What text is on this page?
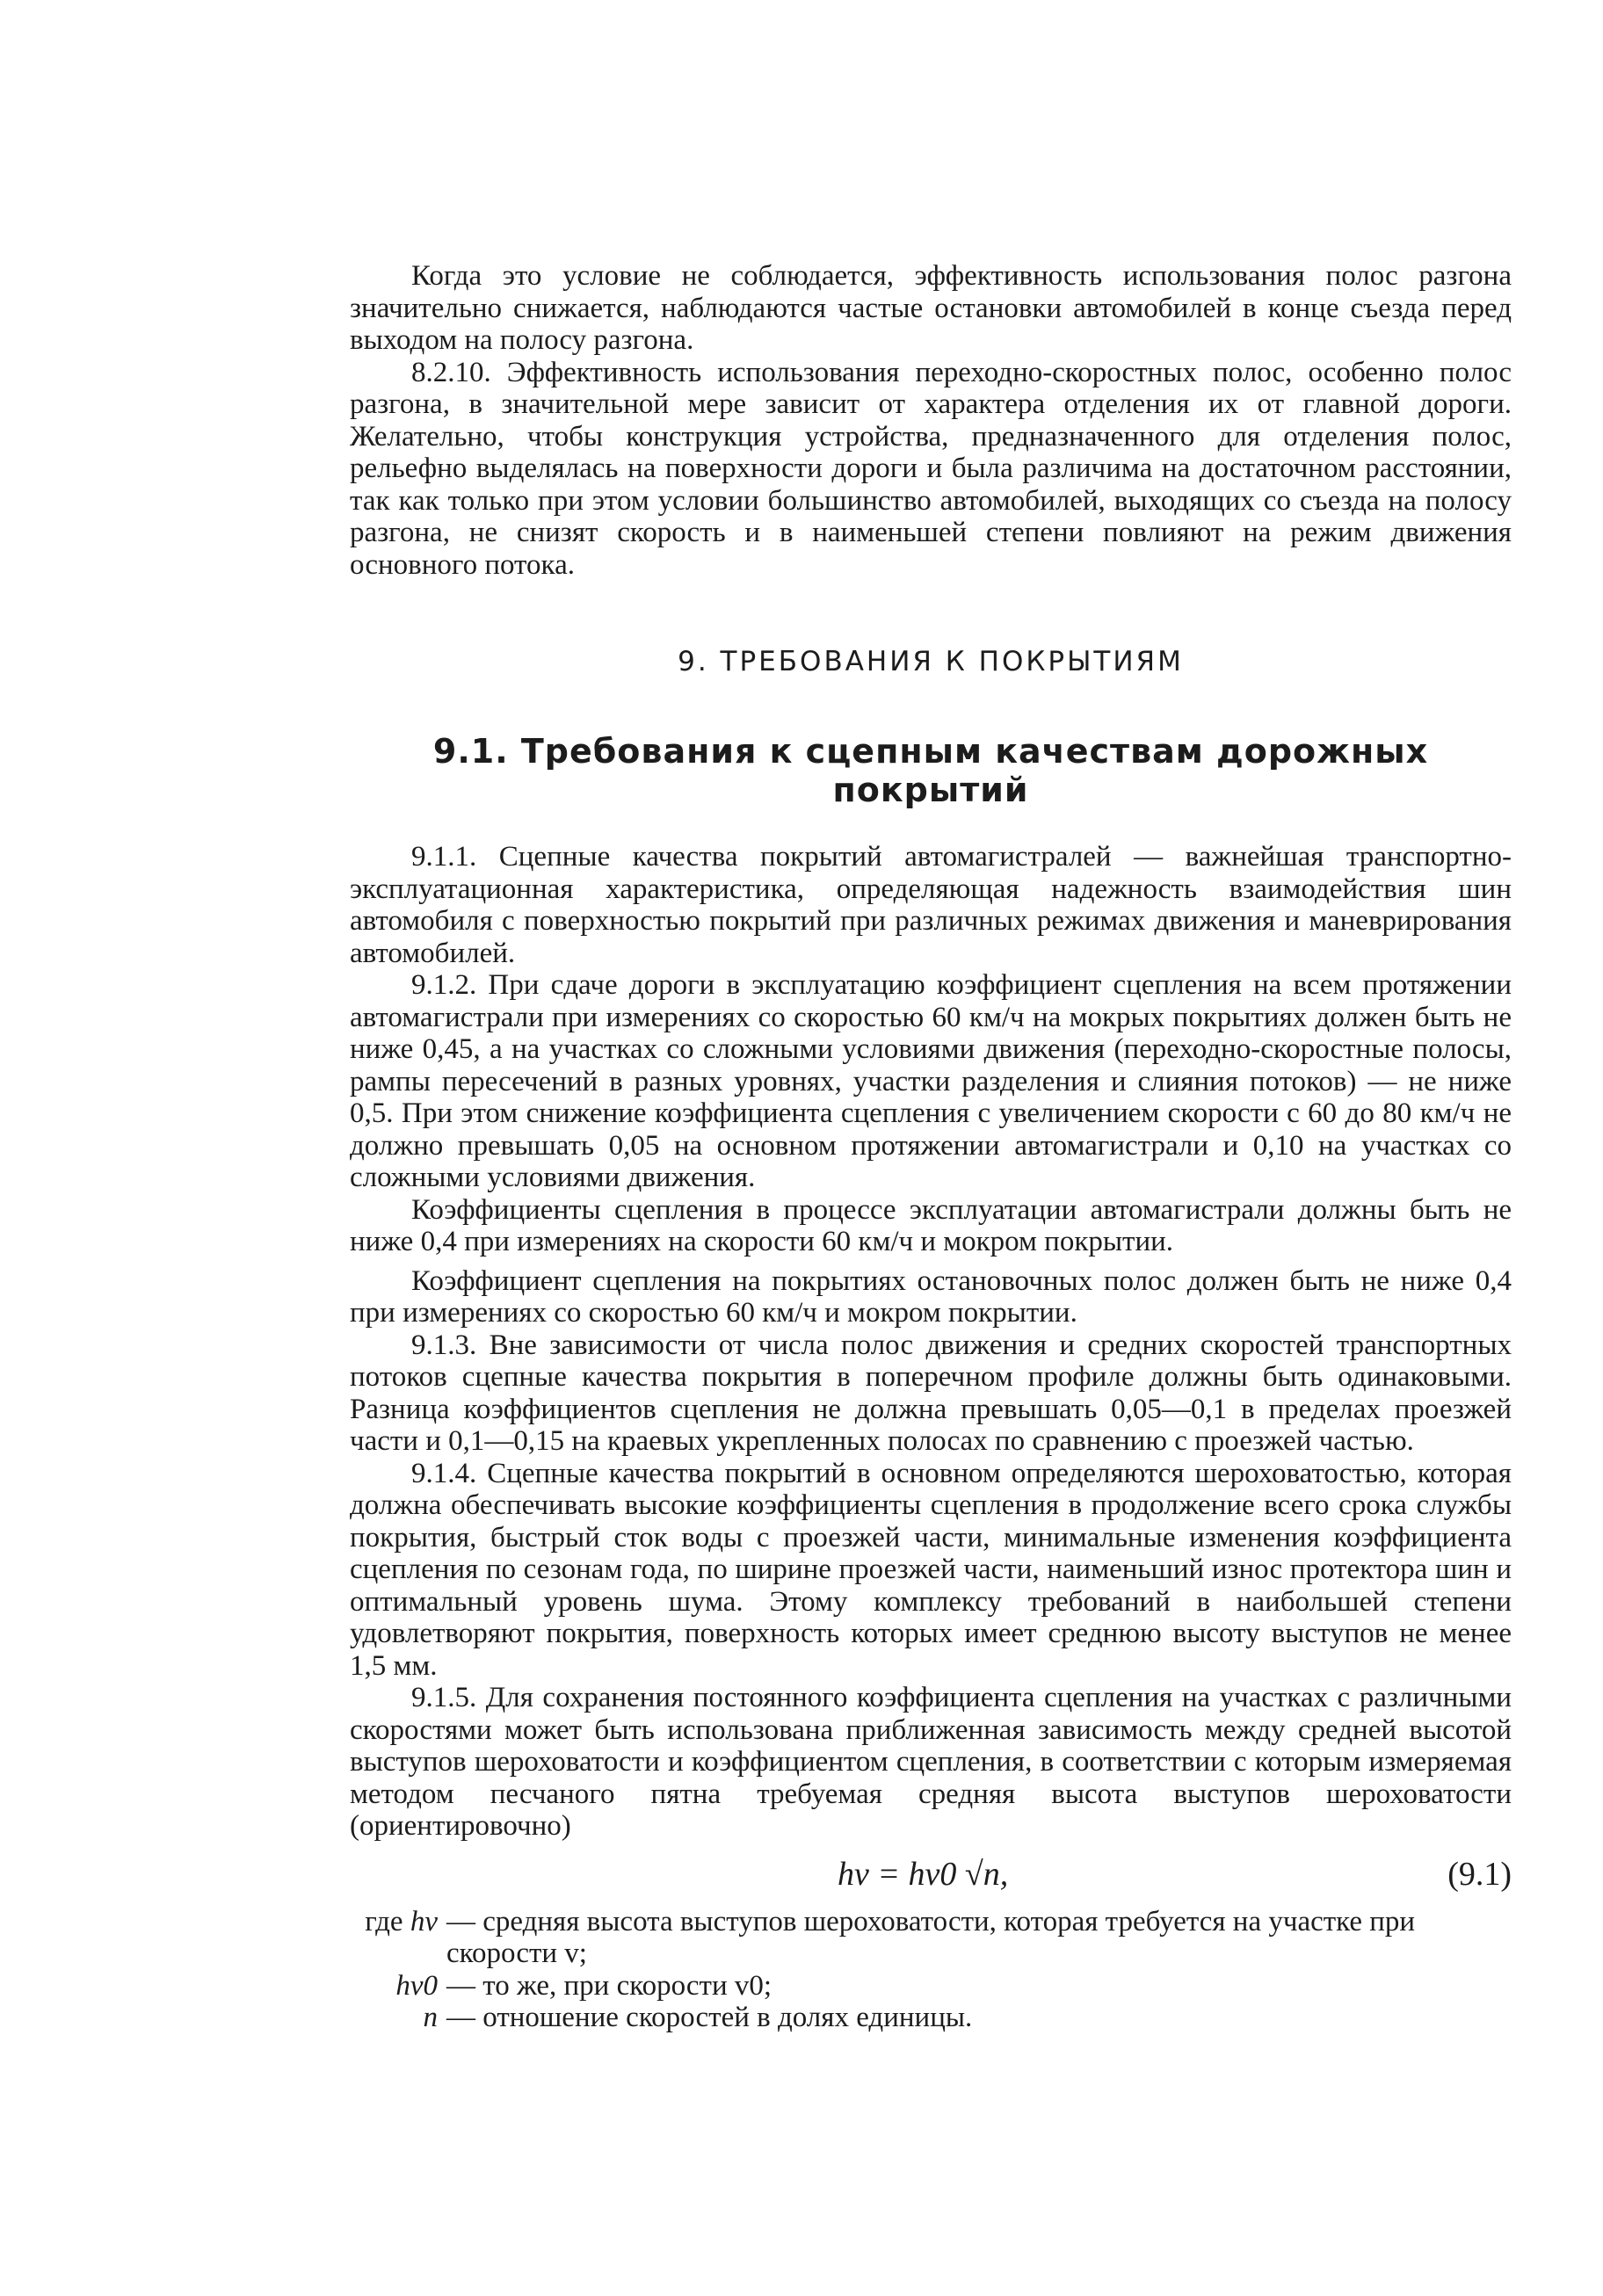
Когда это условие не соблюдается, эффективность использования полос разгона значительно снижается, наблюдаются частые остановки автомобилей в конце съезда перед выходом на полосу разгона.

8.2.10. Эффективность использования переходно-скоростных полос, особенно полос разгона, в значительной мере зависит от характера отделения их от главной дороги. Желательно, чтобы конструкция устройства, предназначенного для отделения полос, рельефно выделялась на поверхности дороги и была различима на достаточном расстоянии, так как только при этом условии большинство автомобилей, выходящих со съезда на полосу разгона, не снизят скорость и в наименьшей степени повлияют на режим движения основного потока.

9. ТРЕБОВАНИЯ К ПОКРЫТИЯМ
9.1. Требования к сцепным качествам дорожных покрытий

9.1.1. Сцепные качества покрытий автомагистралей — важнейшая транспортно-эксплуатационная характеристика, определяющая надежность взаимодействия шин автомобиля с поверхностью покрытий при различных режимах движения и маневрирования автомобилей.

9.1.2. При сдаче дороги в эксплуатацию коэффициент сцепления на всем протяжении автомагистрали при измерениях со скоростью 60 км/ч на мокрых покрытиях должен быть не ниже 0,45, а на участках со сложными условиями движения (переходно-скоростные полосы, рампы пересечений в разных уровнях, участки разделения и слияния потоков) — не ниже 0,5. При этом снижение коэффициента сцепления с увеличением скорости с 60 до 80 км/ч не должно превышать 0,05 на основном протяжении автомагистрали и 0,10 на участках со сложными условиями движения.

Коэффициенты сцепления в процессе эксплуатации автомагистрали должны быть не ниже 0,4 при измерениях на скорости 60 км/ч и мокром покрытии.

Коэффициент сцепления на покрытиях остановочных полос должен быть не ниже 0,4 при измерениях со скоростью 60 км/ч и мокром покрытии.

9.1.3. Вне зависимости от числа полос движения и средних скоростей транспортных потоков сцепные качества покрытия в поперечном профиле должны быть одинаковыми. Разница коэффициентов сцепления не должна превышать 0,05—0,1 в пределах проезжей части и 0,1—0,15 на краевых укрепленных полосах по сравнению с проезжей частью.

9.1.4. Сцепные качества покрытий в основном определяются шероховатостью, которая должна обеспечивать высокие коэффициенты сцепления в продолжение всего срока службы покрытия, быстрый сток воды с проезжей части, минимальные изменения коэффициента сцепления по сезонам года, по ширине проезжей части, наименьший износ протектора шин и оптимальный уровень шума. Этому комплексу требований в наибольшей степени удовлетворяют покрытия, поверхность которых имеет среднюю высоту выступов не менее 1,5 мм.

9.1.5. Для сохранения постоянного коэффициента сцепления на участках с различными скоростями может быть использована приближенная зависимость между средней высотой выступов шероховатости и коэффициентом сцепления, в соответствии с которым измеряемая методом песчаного пятна требуемая средняя высота выступов шероховатости (ориентировочно)

hv = hv0 √n,	(9.1)
где hv — средняя высота выступов шероховатости, которая требуется на участке при скорости v;
hv0 — то же, при скорости v0;
n — отношение скоростей в долях единицы.
